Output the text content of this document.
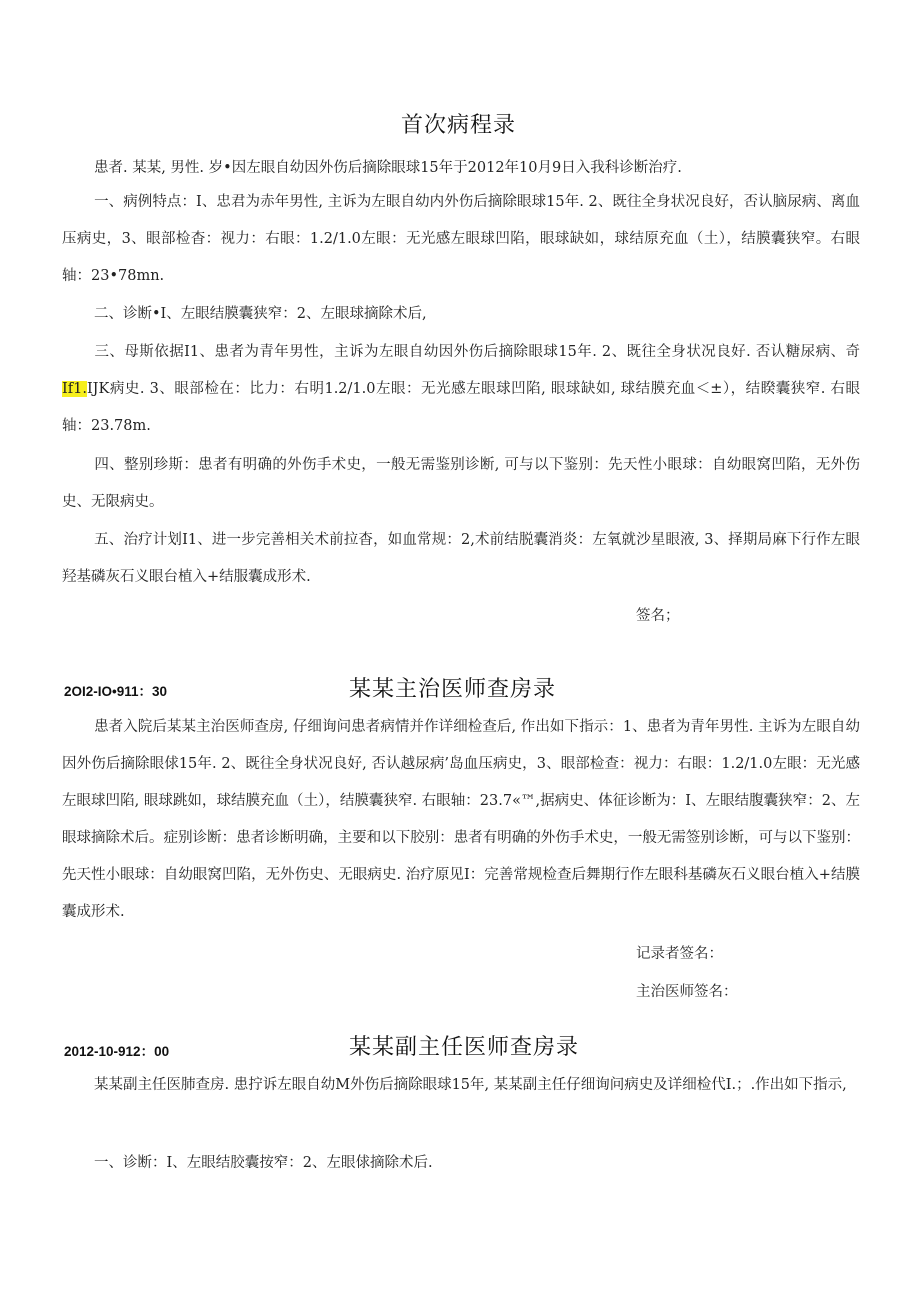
首次病程录
患者. 某某, 男性. 岁•因左眼自幼因外伤后摘除眼球15年于2012年10月9日入我科诊断治疗.
一、病例特点：I、忠君为赤年男性, 主诉为左眼自幼内外伤后摘除眼球15年. 2、既往全身状况良好，否认脑尿病、离血压病史，3、眼部检杳：视力：右眼：1.2/1.0左眼：无光感左眼球凹陷，眼球缺如，球结原充血（土），结膜囊狭窄。右眼轴：23•78mn.
二、诊断•I、左眼结膜囊狭窄：2、左眼球摘除术后,
三、母斯依据I1、患者为青年男性，主诉为左眼自幼因外伤后摘除眼球15年. 2、既往全身状况良好. 否认糖尿病、奇If1.IJK病史. 3、眼部检在：比力：右明1.2/1.0左眼：无光感左眼球凹陷, 眼球缺如, 球结膜充血＜±），结睽囊狭窄. 右眼轴：23.78m.
四、整别珍斯：患者有明确的外伤手术史，一般无需鉴别诊断, 可与以下鉴别：先天性小眼球：自幼眼窝凹陷，无外伤史、无限病史。
五、治疗计划I1、进一步完善相关术前拉杳，如血常规：2,术前结脱囊消炎：左氧就沙星眼液, 3、择期局麻下行作左眼羟基磷灰石义眼台植入+结服囊成形术.
签名；
2OI2-IO•911：30	某某主治医师查房录
患者入院后某某主治医师查房, 仔细询问患者病情并作详细检查后, 作出如下指示：1、患者为青年男性. 主诉为左眼自幼因外伤后摘除眼俅15年. 2、既往全身状况良好, 否认越尿病’岛血压病史，3、眼部检查：视力：右眼：1.2/1.0左眼：无光感左眼球凹陷, 眼球跳如，球结膜充血（土），结膜囊狭窄. 右眼轴：23.7«™,据病史、体征诊断为：I、左眼结腹囊狭窄：2、左眼球摘除术后。症别诊断：患者诊断明确，主要和以下胶别：患者有明确的外伤手术史，一般无需签别诊断，可与以下鉴别：先天性小眼球：自幼眼窝凹陷，无外伤史、无眼病史. 治疗原见I：完善常规检查后舞期行作左眼科基磷灰石义眼台植入+结膜囊成形术.
记录者签名：
主治医师签名：
2012-10-912：00	某某副主任医师查房录
某某副主任医肺查房. 患拧诉左眼自幼M外伤后摘除眼球15年, 某某副主任仔细询问病史及详细检代I.；.作出如下指示,
一、诊断：I、左眼结胶囊按窄：2、左眼俅摘除术后.
